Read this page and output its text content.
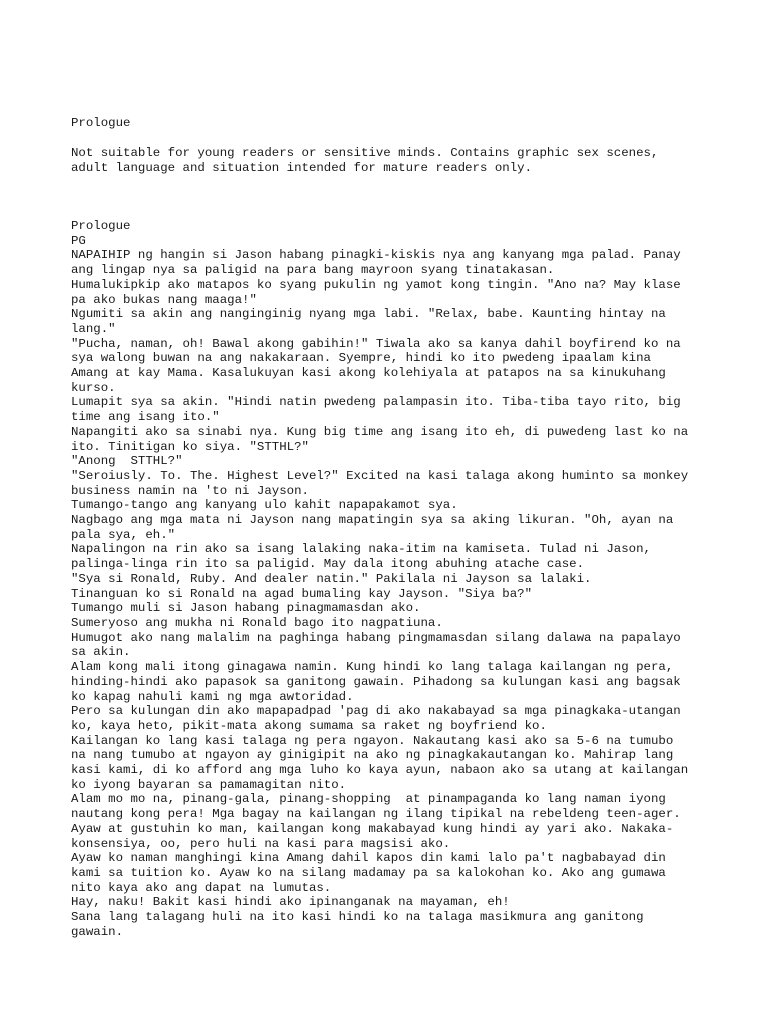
Prologue
Not suitable for young readers or sensitive minds. Contains graphic sex scenes,
adult language and situation intended for mature readers only.
Prologue
PG
NAPAIHIP ng hangin si Jason habang pinagki-kiskis nya ang kanyang mga palad. Panay
ang lingap nya sa paligid na para bang mayroon syang tinatakasan.
Humalukipkip ako matapos ko syang pukulin ng yamot kong tingin. "Ano na? May klase
pa ako bukas nang maaga!"
Ngumiti sa akin ang nanginginig nyang mga labi. "Relax, babe. Kaunting hintay na
lang."
"Pucha, naman, oh! Bawal akong gabihin!" Tiwala ako sa kanya dahil boyfirend ko na
sya walong buwan na ang nakakaraan. Syempre, hindi ko ito pwedeng ipaalam kina
Amang at kay Mama. Kasalukuyan kasi akong kolehiyala at patapos na sa kinukuhang
kurso.
Lumapit sya sa akin. "Hindi natin pwedeng palampasin ito. Tiba-tiba tayo rito, big
time ang isang ito."
Napangiti ako sa sinabi nya. Kung big time ang isang ito eh, di puwedeng last ko na
ito. Tinitigan ko siya. "STTHL?"
"Anong  STTHL?"
"Seroiusly. To. The. Highest Level?" Excited na kasi talaga akong huminto sa monkey
business namin na 'to ni Jayson.
Tumango-tango ang kanyang ulo kahit napapakamot sya.
Nagbago ang mga mata ni Jayson nang mapatingin sya sa aking likuran. "Oh, ayan na
pala sya, eh."
Napalingon na rin ako sa isang lalaking naka-itim na kamiseta. Tulad ni Jason,
palinga-linga rin ito sa paligid. May dala itong abuhing atache case.
"Sya si Ronald, Ruby. And dealer natin." Pakilala ni Jayson sa lalaki.
Tinanguan ko si Ronald na agad bumaling kay Jayson. "Siya ba?"
Tumango muli si Jason habang pinagmamasdan ako.
Sumeryoso ang mukha ni Ronald bago ito nagpatiuna.
Humugot ako nang malalim na paghinga habang pingmamasdan silang dalawa na papalayo
sa akin.
Alam kong mali itong ginagawa namin. Kung hindi ko lang talaga kailangan ng pera,
hinding-hindi ako papasok sa ganitong gawain. Pihadong sa kulungan kasi ang bagsak
ko kapag nahuli kami ng mga awtoridad.
Pero sa kulungan din ako mapapadpad 'pag di ako nakabayad sa mga pinagkaka-utangan
ko, kaya heto, pikit-mata akong sumama sa raket ng boyfriend ko.
Kailangan ko lang kasi talaga ng pera ngayon. Nakautang kasi ako sa 5-6 na tumubo
na nang tumubo at ngayon ay ginigipit na ako ng pinagkakautangan ko. Mahirap lang
kasi kami, di ko afford ang mga luho ko kaya ayun, nabaon ako sa utang at kailangan
ko iyong bayaran sa pamamagitan nito.
Alam mo mo na, pinang-gala, pinang-shopping  at pinampaganda ko lang naman iyong
nautang kong pera! Mga bagay na kailangan ng ilang tipikal na rebeldeng teen-ager.
Ayaw at gustuhin ko man, kailangan kong makabayad kung hindi ay yari ako. Nakaka-
konsensiya, oo, pero huli na kasi para magsisi ako.
Ayaw ko naman manghingi kina Amang dahil kapos din kami lalo pa't nagbabayad din
kami sa tuition ko. Ayaw ko na silang madamay pa sa kalokohan ko. Ako ang gumawa
nito kaya ako ang dapat na lumutas.
Hay, naku! Bakit kasi hindi ako ipinanganak na mayaman, eh!
Sana lang talagang huli na ito kasi hindi ko na talaga masikmura ang ganitong
gawain.
